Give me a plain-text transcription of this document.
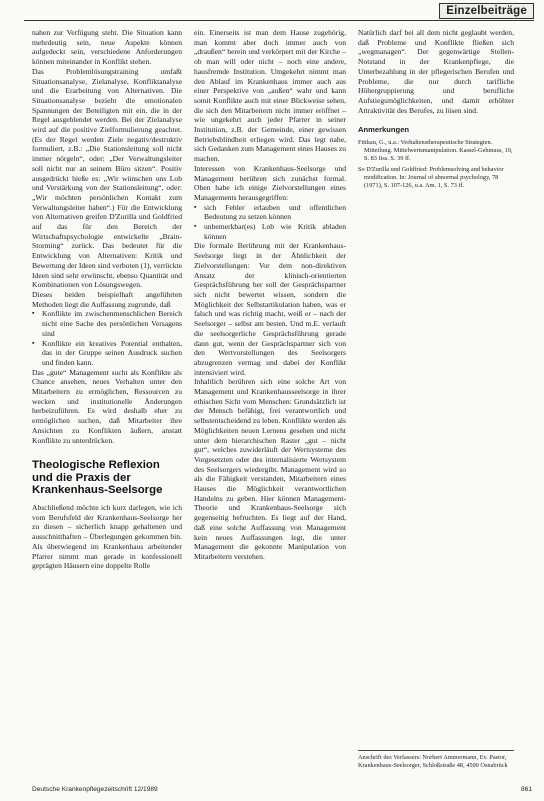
Einzelbeiträge

nahen zur Verfügung steht. Die Situation kann mehrdeutig sein, neue Aspekte können aufgedeckt sein, verschiedene Anforderungen können miteinander in Konflikt stehen.

Das Problemlösungstraining umfaßt Situationsanalyse, Zielanalyse, Konfliktanalyse und die Erarbeitung von Alternativen. Die Situationsanalyse bezieht die emotionalen Spannungen der Beteiligten mit ein, die in der Regel ausgeblendet werden. Bei der Zielanalyse wird auf die positive Zielformulierung geachtet. (Es der Regel werden Ziele negativ/destruktiv formuliert, z.B.: „Die Stationsleitung soll nicht immer nörgeln“, oder: „Der Verwaltungsleiter soll nicht nur an seinem Büro sitzen“. Positiv ausgedrückt hieße es: „Wir wünschen uns Lob und Verstärkung von der Stationsleitung“, oder: „Wir möchten persönlichen Kontakt zum Verwaltungsleiter haben“.) Für die Entwicklung von Alternativen greifen D'Zurilla und Goldfried auf das für den Bereich der Wirtschaftspsychologie entwickelte „Brain-Storming“ zurück. Das bedeutet für die Entwicklung von Alternativen: Kritik und Bewertung der Ideen sind verboten (1), verrückte Ideen sind sehr erwünscht, ebenso Quantität und Kombinationen von Lösungswegen.

Dieses beiden beispielhaft angeführten Methoden liegt die Auffassung zugrunde, daß

▪ Konflikte im zwischenmenschlichen Bereich nicht eine Sache des persönlichen Versagens sind
▪ Konflikte ein kreatives Potential enthalten, das in der Gruppe seinen Ausdruck suchen und finden kann.

Das „gute“ Management sucht als Konflikte als Chance ansehen, neues Verhalten unter den Mitarbeitern zu ermöglichen, Ressourcen zu wecken und institutionelle Änderungen herbeizuführen. Es wird deshalb eher zu ermöglichen suchen, daß Mitarbeiter ihre Ansichten zu Konflikten äußern, anstatt Konflikte zu unterdrücken.

Theologische Reflexion und die Praxis der Krankenhaus-Seelsorge

Abschließend möchte ich kurz darlegen, wie ich vom Berufsfeld der Krankenhaus-Seelsorge her zu diesen – sicherlich knapp gehaltenen und ausschnitthaften – Überlegungen gekommen bin. Als überwiegend im Krankenhaus arbeitender Pfarrer nimmt man gerade in konfessionell geprägten Häusern eine doppelte Rolle

ein. Einerseits ist man dem Hause zugehörig, man kommt aber doch immer auch von „draußen“ herein und verkörpert mit der Kirche – ob man will oder nicht – noch eine andere, hausfremde Institution. Umgekehrt nimmt man den Ablauf im Krankenhaus immer auch aus einer Perspektive von „außen“ wahr und kann somit Konflikte auch mit einer Blickweise sehen, die sich den Mitarbeitern nicht immer eröffnet – wie ungekehrt auch jeder Pfarrer in seiner Institution, z.B. der Gemeinde, einer gewissen Betriebsblindheit erliegen wird. Das legt nahe, sich Gedanken zum Management eines Hauses zu machen.

Interessen von Krankenhaus-Seelsorge und Management berühren sich zunächst formal. Oben habe ich einige Zielvorstellungen eines Managements herausgegriffen:

▪ sich Fehler erlauben und offentlichen Bedeutung zu setzen können
▪ unbemerkbar(es) Lob wie Kritik abladen können

Die formale Berührung mit der Krankenhaus-Seelsorge liegt in der Ähnlichkeit der Zielvorstellungen: Vor dem non-direktiven Ansatz der klinisch-orientierten Gesprächsführung her soll der Gesprächspartner sich nicht bewertet wissen, sondern die Möglichkeit der Selbstartikulation haben, was er falsch und was richtig macht, weiß er – nach der Seelsorger – selbst am besten. Und m.E. verlauft die seelsorgerliche Gesprächsführung gerade dann gut, wenn der Gesprächspartner sich von den Wertvorstellungen des Seelsorgers abzugrenzen vermag und dabei der Konflikt intensiviert wird.

Inhaltlich berühren sich eine solche Art von Management und Krankenhausseelsorge in ihrer ethischen Sicht vom Menschen: Grundsätzlich ist der Mensch befähigt, frei verantwortlich und selbstentscheidend zu leben. Konflikte werden als Möglichkeiten neuen Lernens gesehen und nicht unter dem hierarchischen Raster „gut – nicht gut“, welches zuwiderläuft der Wertsysteme des Vorgesetzten oder des internalisierte Wertsystem des Seelsorgers wiedergibt. Management wird so als die Fähigkeit verstanden, Mitarbeitern eines Hauses die Möglichkeit verantwortlichen Handelns zu geben. Hier können Management-Theorie und Krankenhaus-Seelsorge sich gegenseitig befruchten. Es liegt auf der Hand, daß eine solche Auffassung von Management kein neues Auffassungen legt, die unter Management die gekonnte Manipulation von Mitarbeitern verstehen.

Natürlich darf bei all dem nicht geglaubt werden, daß Probleme und Konflikte fließen sich „wegmanagen“. Der gegenwärtige Stellen-Notstand in der Krankenpflege, die Unterbezahlung in der pflegerischen Berufen und Probleme, die nur durch tarifliche Höhergruppierung und berufliche Aufstiegsmöglichkeiten, und damit erhöhter Attraktivität des Berufes, zu lösen sind.

Anmerkungen
Fittkau, G., u.a.: Verhaltenstherapeutische Strategien. Mitteilung. Mittelwertsmanipulation. Kassel-Gehmuss, 19, S. 83 fiss. S. 39 ff.
So D'Zurilla und Goldfried: Problemsolving and behavior modification. In: Journal of abnormal psychology, 78 (1971), S. 107-126, u.a. Am. 1, S. 73 ff.
Anschrift des Verfassers: Norbert Ammermann, Ev. Pastor, Krankenhaus-Seelsorger, Schloßstraße 48, 4500 Osnabrück
Deutsche Krankenpflegezeitschrift 12/1989	861
